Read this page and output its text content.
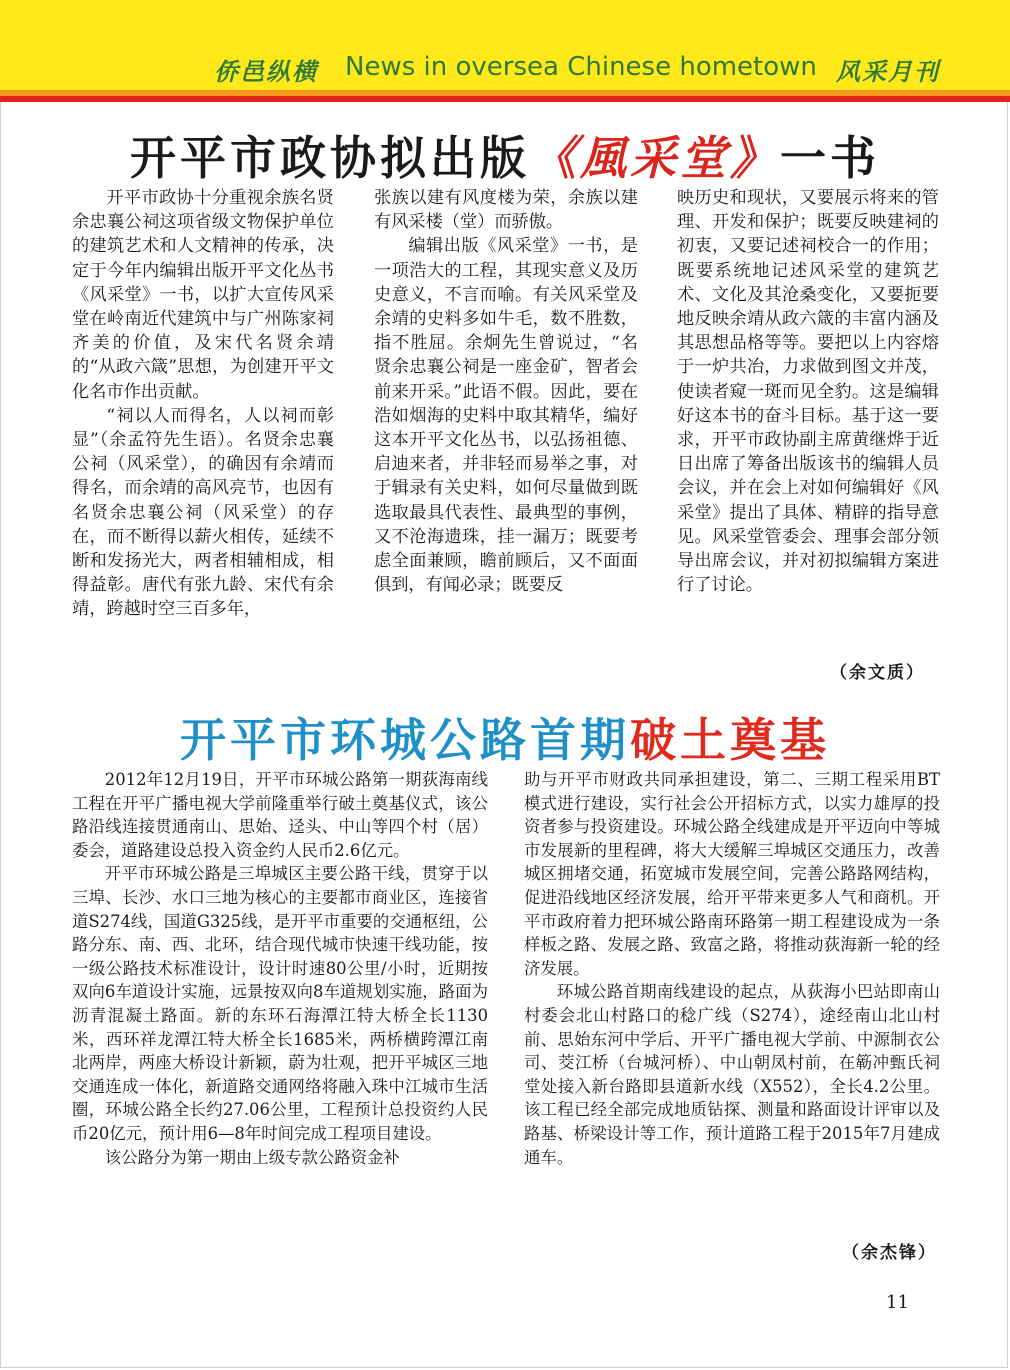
侨邑纵横 News in oversea Chinese hometown 风采月刊
开平市政协拟出版《風采堂》一书

开平市政协十分重视余族名贤余忠襄公祠这项省级文物保护单位的建筑艺术和人文精神的传承，决定于今年内编辑出版开平文化丛书《风采堂》一书，以扩大宣传风采堂在岭南近代建筑中与广州陈家祠齐美的价值，及宋代名贤余靖的“从政六箴”思想，为创建开平文化名市作出贡献。

“祠以人而得名，人以祠而彰显”（余孟符先生语）。名贤余忠襄公祠（风采堂），的确因有余靖而得名，而余靖的高风亮节，也因有名贤余忠襄公祠（风采堂）的存在，而不断得以薪火相传，延续不断和发扬光大，两者相辅相成，相得益彰。唐代有张九龄、宋代有余靖，跨越时空三百多年，

张族以建有风度楼为荣，余族以建有风采楼（堂）而骄傲。

编辑出版《风采堂》一书，是一项浩大的工程，其现实意义及历史意义，不言而喻。有关风采堂及余靖的史料多如牛毛，数不胜数，指不胜屈。余炯先生曾说过，“名贤余忠襄公祠是一座金矿，智者会前来开采。”此语不假。因此，要在浩如烟海的史料中取其精华，编好这本开平文化丛书，以弘扬祖德、启迪来者，并非轻而易举之事，对于辑录有关史料，如何尽量做到既选取最具代表性、最典型的事例，又不沧海遗珠，挂一漏万；既要考虑全面兼顾，瞻前顾后，又不面面俱到，有闻必录；既要反

映历史和现状，又要展示将来的管理、开发和保护；既要反映建祠的初衷，又要记述祠校合一的作用；既要系统地记述风采堂的建筑艺术、文化及其沧桑变化，又要扼要地反映余靖从政六箴的丰富内涵及其思想品格等等。要把以上内容熔于一炉共冶，力求做到图文并茂，使读者窥一斑而见全豹。这是编辑好这本书的奋斗目标。基于这一要求，开平市政协副主席黄继烨于近日出席了筹备出版该书的编辑人员会议，并在会上对如何编辑好《风采堂》提出了具体、精辟的指导意见。风采堂管委会、理事会部分领导出席会议，并对初拟编辑方案进行了讨论。

（余文质）
开平市环城公路首期破土奠基

2012年12月19日，开平市环城公路第一期荻海南线工程在开平广播电视大学前隆重举行破土奠基仪式，该公路沿线连接贯通南山、思始、迳头、中山等四个村（居）委会，道路建设总投入资金约人民币2.6亿元。

开平市环城公路是三埠城区主要公路干线，贯穿于以三埠、长沙、水口三地为核心的主要都市商业区，连接省道S274线，国道G325线，是开平市重要的交通枢纽，公路分东、南、西、北环，结合现代城市快速干线功能，按一级公路技术标准设计，设计时速80公里/小时，近期按双向6车道设计实施，远景按双向8车道规划实施，路面为沥青混凝土路面。新的东环石海潭江特大桥全长1130米，西环祥龙潭江特大桥全长1685米，两桥横跨潭江南北两岸，两座大桥设计新颖，蔚为壮观，把开平城区三地交通连成一体化，新道路交通网络将融入珠中江城市生活圈，环城公路全长约27.06公里，工程预计总投资约人民币20亿元，预计用6—8年时间完成工程项目建设。

该公路分为第一期由上级专款公路资金补

助与开平市财政共同承担建设，第二、三期工程采用BT模式进行建设，实行社会公开招标方式，以实力雄厚的投资者参与投资建设。环城公路全线建成是开平迈向中等城市发展新的里程碑，将大大缓解三埠城区交通压力，改善城区拥堵交通，拓宽城市发展空间，完善公路路网结构，促进沿线地区经济发展，给开平带来更多人气和商机。开平市政府着力把环城公路南环路第一期工程建设成为一条样板之路、发展之路、致富之路，将推动荻海新一轮的经济发展。

环城公路首期南线建设的起点，从荻海小巴站即南山村委会北山村路口的稔广线（S274），途经南山北山村前、思始东河中学后、开平广播电视大学前、中源制衣公司、茭江桥（台城河桥）、中山朝凤村前，在簕冲甄氏祠堂处接入新台路即县道新水线（X552），全长4.2公里。该工程已经全部完成地质钻探、测量和路面设计评审以及路基、桥梁设计等工作，预计道路工程于2015年7月建成通车。

（余杰锋）
11
